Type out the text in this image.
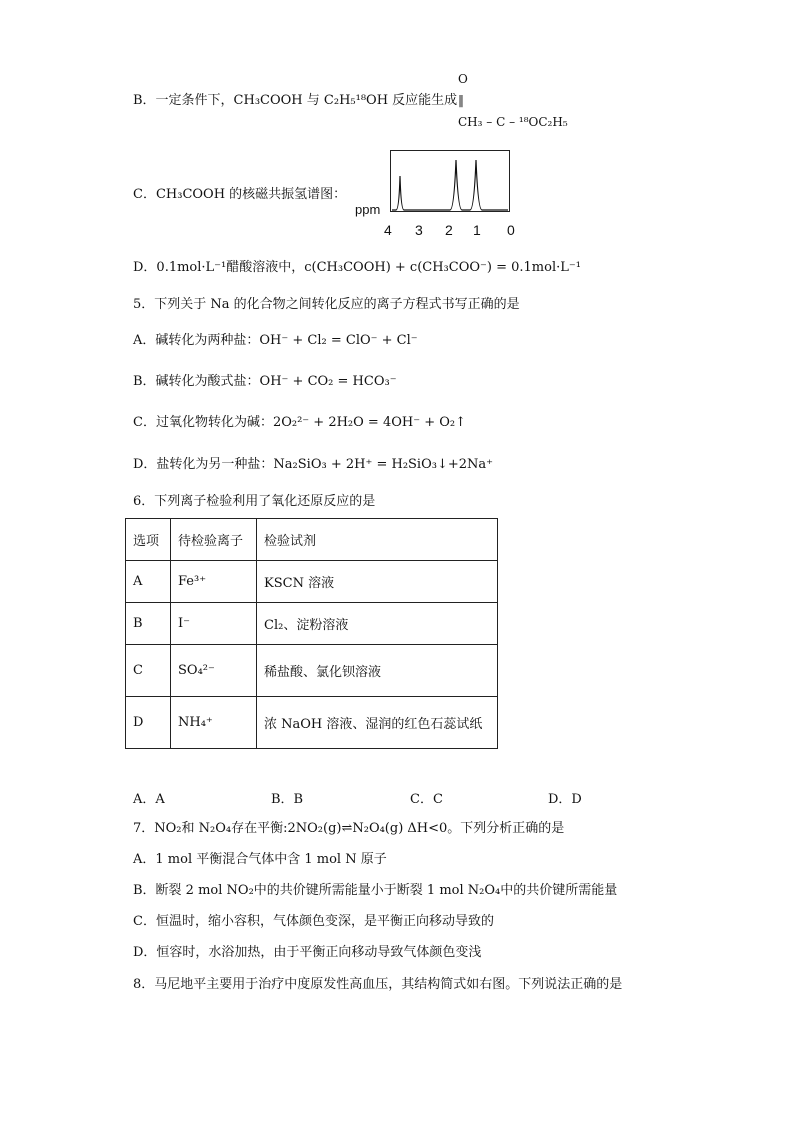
B．一定条件下，CH₃COOH 与 C₂H₅¹⁸OH 反应能生成
O
‖
CH₃ – C – ¹⁸OC₂H₅
C．CH₃COOH 的核磁共振氢谱图：
ppm
4 3 2 1 0
D．0.1mol·L⁻¹醋酸溶液中，c(CH₃COOH) + c(CH₃COO⁻) = 0.1mol·L⁻¹
5．下列关于 Na 的化合物之间转化反应的离子方程式书写正确的是
A．碱转化为两种盐：OH⁻ + Cl₂ = ClO⁻ + Cl⁻
B．碱转化为酸式盐：OH⁻ + CO₂ = HCO₃⁻
C．过氧化物转化为碱：2O₂²⁻ + 2H₂O = 4OH⁻ + O₂↑
D．盐转化为另一种盐：Na₂SiO₃ + 2H⁺ = H₂SiO₃↓+2Na⁺
6．下列离子检验利用了氧化还原反应的是
选项	待检验离子	检验试剂
A	Fe³⁺	KSCN 溶液
B	I⁻	Cl₂、淀粉溶液
C	SO₄²⁻	稀盐酸、氯化钡溶液
D	NH₄⁺	浓 NaOH 溶液、湿润的红色石蕊试纸
A．A	B．B	C．C	D．D
7．NO₂和 N₂O₄存在平衡:2NO₂(g)⇌N₂O₄(g) ΔH<0。下列分析正确的是
A．1 mol 平衡混合气体中含 1 mol N 原子
B．断裂 2 mol NO₂中的共价键所需能量小于断裂 1 mol N₂O₄中的共价键所需能量
C．恒温时，缩小容积，气体颜色变深，是平衡正向移动导致的
D．恒容时，水浴加热，由于平衡正向移动导致气体颜色变浅
8．马尼地平主要用于治疗中度原发性高血压，其结构简式如右图。下列说法正确的是
